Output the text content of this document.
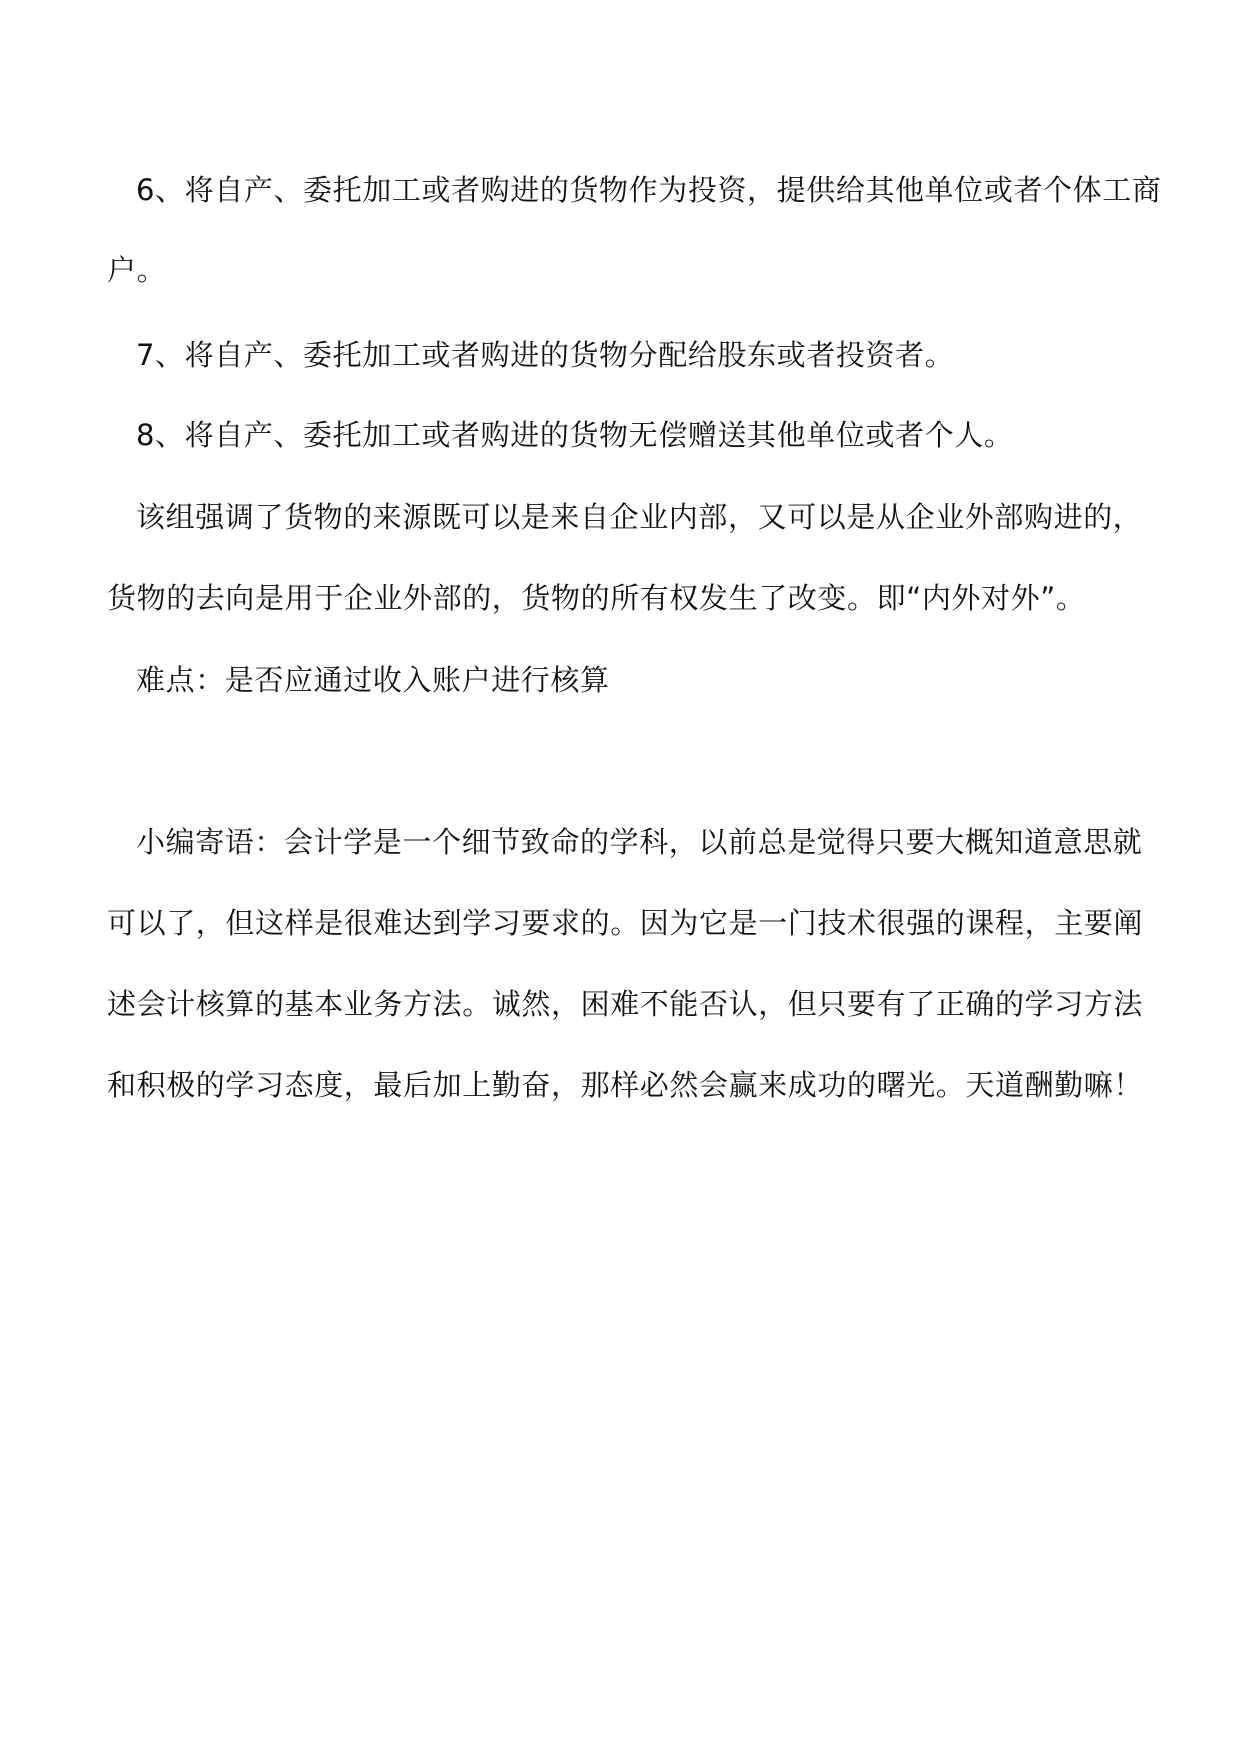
6、将自产、委托加工或者购进的货物作为投资，提供给其他单位或者个体工商
户。
7、将自产、委托加工或者购进的货物分配给股东或者投资者。
8、将自产、委托加工或者购进的货物无偿赠送其他单位或者个人。
该组强调了货物的来源既可以是来自企业内部，又可以是从企业外部购进的，
货物的去向是用于企业外部的，货物的所有权发生了改变。即“内外对外”。
难点：是否应通过收入账户进行核算
小编寄语：会计学是一个细节致命的学科，以前总是觉得只要大概知道意思就
可以了，但这样是很难达到学习要求的。因为它是一门技术很强的课程，主要阐
述会计核算的基本业务方法。诚然，困难不能否认，但只要有了正确的学习方法
和积极的学习态度，最后加上勤奋，那样必然会赢来成功的曙光。天道酬勤嘛！
